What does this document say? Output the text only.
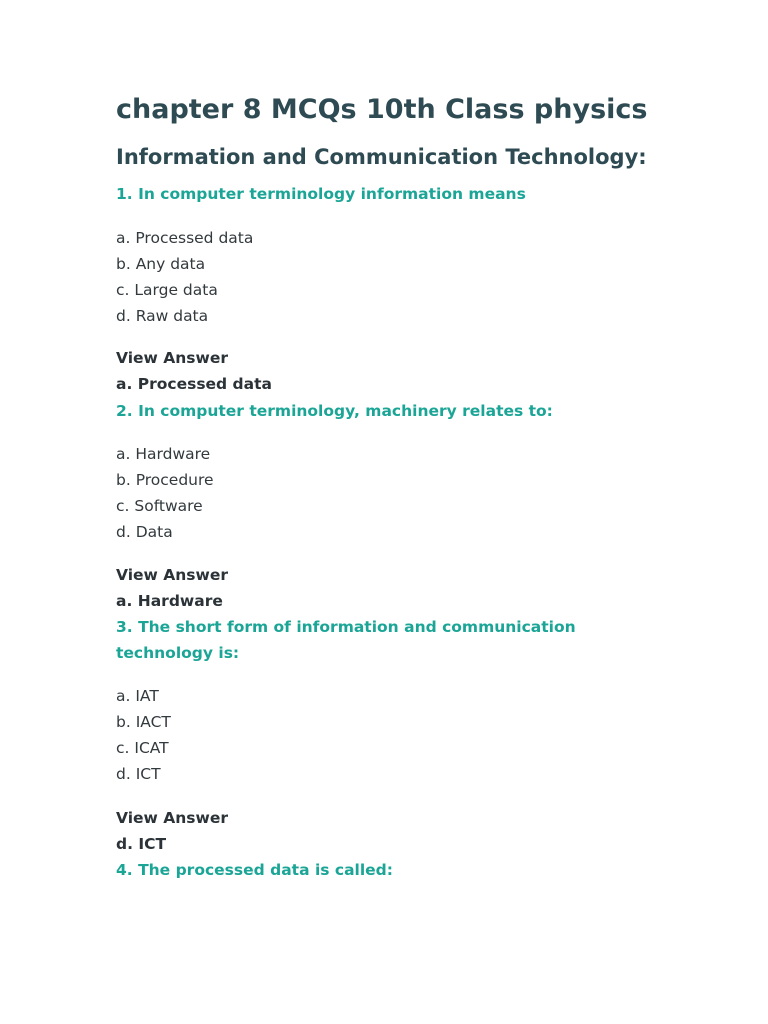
chapter 8 MCQs 10th Class physics
Information and Communication Technology:

1. In computer terminology information means

a. Processed data
b. Any data
c. Large data
d. Raw data

View Answer

a. Processed data

2. In computer terminology, machinery relates to:

a. Hardware
b. Procedure
c. Software
d. Data

View Answer

a. Hardware

3. The short form of information and communication technology is:

a. IAT
b. IACT
c. ICAT
d. ICT

View Answer

d. ICT

4. The processed data is called:
